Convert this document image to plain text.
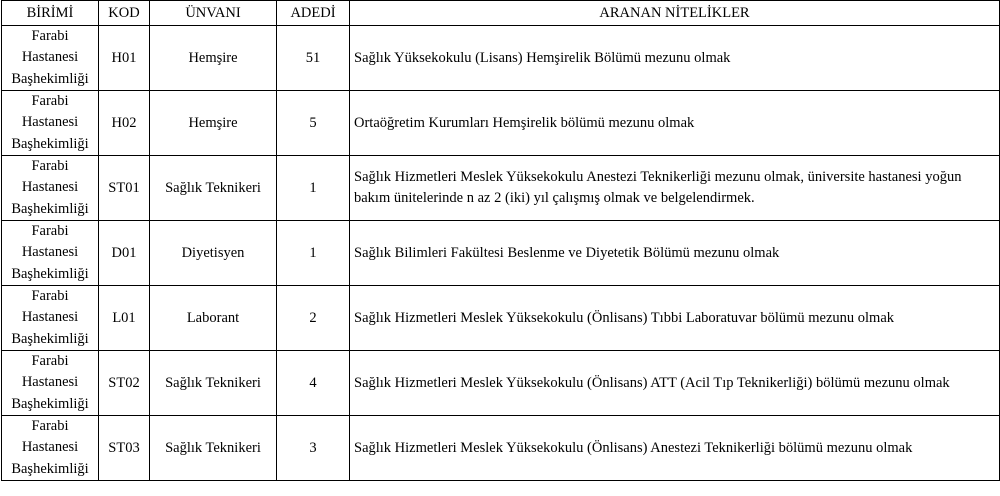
BİRİMİ	KOD	ÜNVANI	ADEDİ	ARANAN NİTELİKLER

Farabi
Hastanesi
Başhekimliği	H01	Hemşire	51	Sağlık Yüksekokulu (Lisans) Hemşirelik Bölümü mezunu olmak

Farabi
Hastanesi
Başhekimliği	H02	Hemşire	5	Ortaöğretim Kurumları Hemşirelik bölümü mezunu olmak

Farabi
Hastanesi
Başhekimliği	ST01	Sağlık Teknikeri	1	Sağlık Hizmetleri Meslek Yüksekokulu Anestezi Teknikerliği mezunu olmak, üniversite hastanesi yoğun bakım ünitelerinde n az 2 (iki) yıl çalışmış olmak ve belgelendirmek.

Farabi
Hastanesi
Başhekimliği	D01	Diyetisyen	1	Sağlık Bilimleri Fakültesi Beslenme ve Diyetetik Bölümü mezunu olmak

Farabi
Hastanesi
Başhekimliği	L01	Laborant	2	Sağlık Hizmetleri Meslek Yüksekokulu (Önlisans) Tıbbi Laboratuvar bölümü mezunu olmak

Farabi
Hastanesi
Başhekimliği	ST02	Sağlık Teknikeri	4	Sağlık Hizmetleri Meslek Yüksekokulu (Önlisans) ATT (Acil Tıp Teknikerliği) bölümü mezunu olmak

Farabi
Hastanesi
Başhekimliği	ST03	Sağlık Teknikeri	3	Sağlık Hizmetleri Meslek Yüksekokulu (Önlisans) Anestezi Teknikerliği bölümü mezunu olmak
